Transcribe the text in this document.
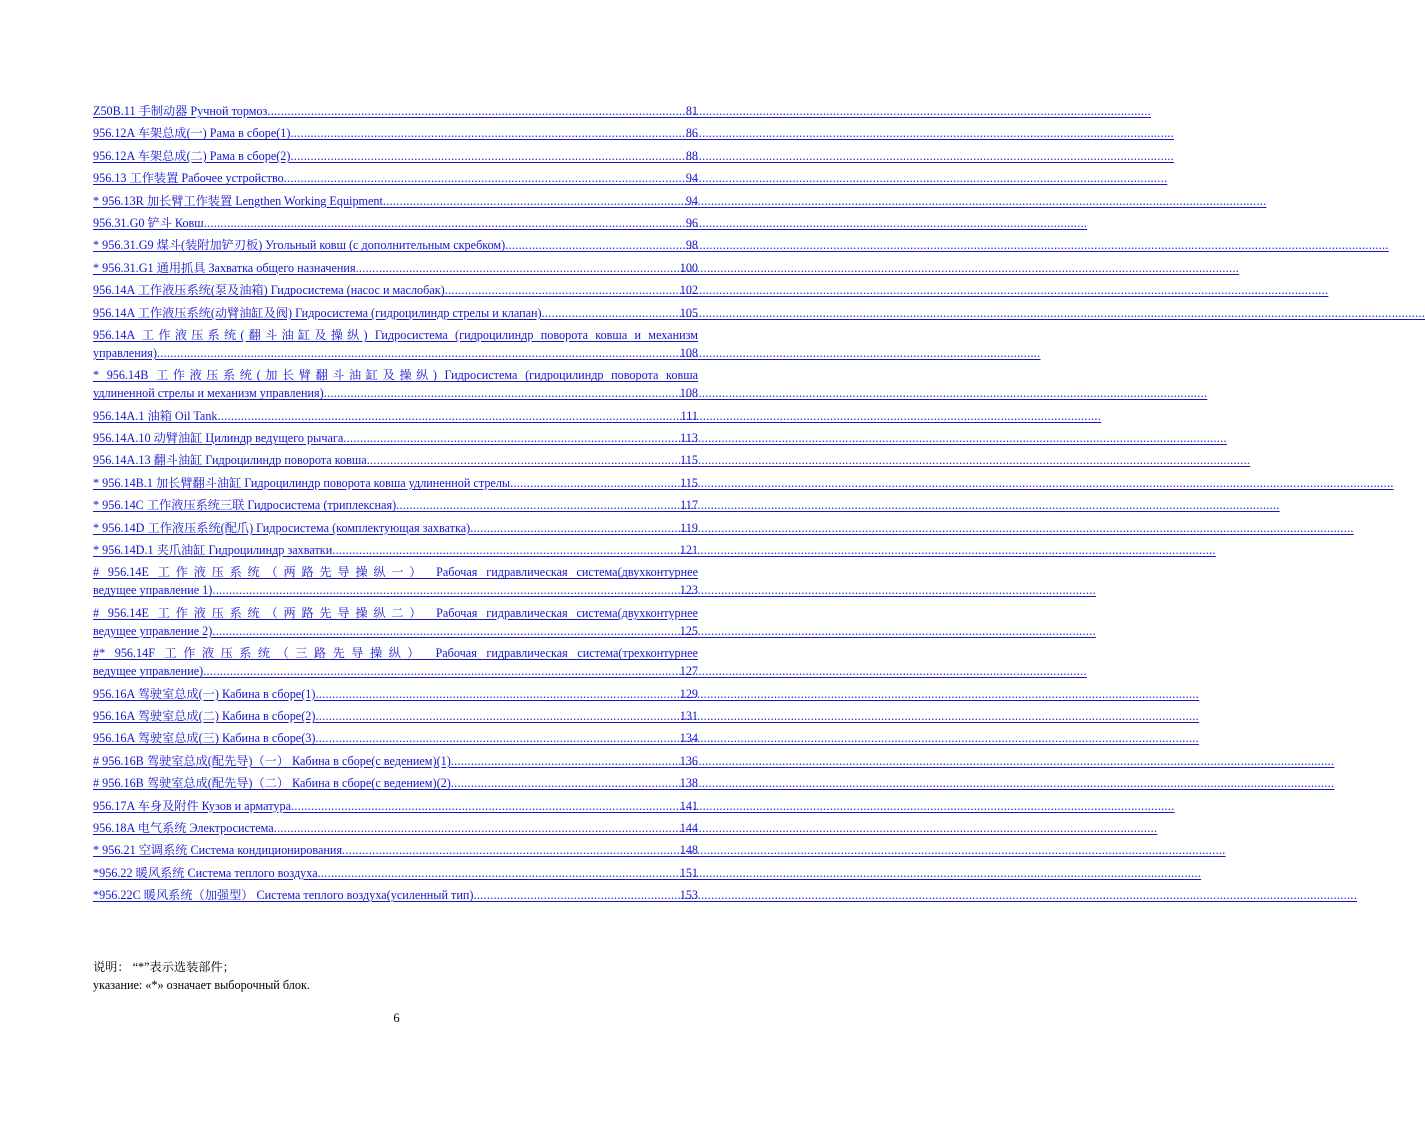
Z50B.11 手制动器 Ручной тормоз .....	81
956.12A 车架总成(一) Рама в сборе(1) .....	86
956.12A 车架总成(二) Рама в сборе(2) .....	88
956.13 工作装置 Рабочее устройство .....	94
* 956.13R 加长臂工作装置 Lengthen Working Equipment .....	94
956.31.G0 铲斗 Ковш .....	96
* 956.31.G9 煤斗(装附加铲刃板) Угольный ковш (с дополнительным скребком) .....	98
* 956.31.G1 通用抓具 Захватка общего назначения .....	100
956.14A 工作液压系统(泵及油箱) Гидросистема (насос и маслобак) .....	102
956.14A 工作液压系统(动臂油缸及阀) Гидросистема (гидроцилиндр стрелы и клапан) .....	105
956.14A 工作液压系统(翻斗油缸及操纵) Гидросистема (гидроцилиндр поворота ковша и механизм
управления) .....	108
* 956.14B 工作液压系统(加长臂翻斗油缸及操纵) Гидросистема (гидроцилиндр поворота ковша
удлиненной стрелы и механизм управления) .....	108
956.14A.1 油箱 Oil Tank .....	111
956.14A.10 动臂油缸 Цилиндр ведущего рычага .....	113
956.14A.13 翻斗油缸 Гидроцилиндр поворота ковша .....	115
* 956.14B.1 加长臂翻斗油缸 Гидроцилиндр поворота ковша удлиненной стрелы .....	115
* 956.14C 工作液压系统三联 Гидросистема (триплексная) .....	117
* 956.14D 工作液压系统(配爪) Гидросистема (комплектующая захватка) .....	119
* 956.14D.1 夹爪油缸 Гидроцилиндр захватки .....	121
# 956.14E 工作液压系统（两路先导操纵一） Рабочая гидравлическая система(двухконтурнее
ведущее управление 1) .....	123
# 956.14E 工作液压系统（两路先导操纵二） Рабочая гидравлическая система(двухконтурнее
ведущее управление 2) .....	125
#* 956.14F 工作液压系统（三路先导操纵） Рабочая гидравлическая система(трехконтурнее
ведущее управление) .....	127
956.16A 驾驶室总成(一) Кабина в сборе(1) .....	129
956.16A 驾驶室总成(二) Кабина в сборе(2) .....	131
956.16A 驾驶室总成(三) Кабина в сборе(3) .....	134
# 956.16B 驾驶室总成(配先导)（一） Кабина в сборе(с ведением)(1) .....	136
# 956.16B 驾驶室总成(配先导)（二） Кабина в сборе(с ведением)(2) .....	138
956.17A 车身及附件 Кузов и арматура .....	141
956.18A 电气系统 Электросистема .....	144
* 956.21 空调系统 Система кондиционирования .....	148
*956.22 暖风系统 Система теплого воздуха .....	151
*956.22C 暖风系统（加强型） Система теплого воздуха(усиленный тип) .....	153
说明： “*”表示选装部件；
указание: «*» означает выборочный блок.
6
